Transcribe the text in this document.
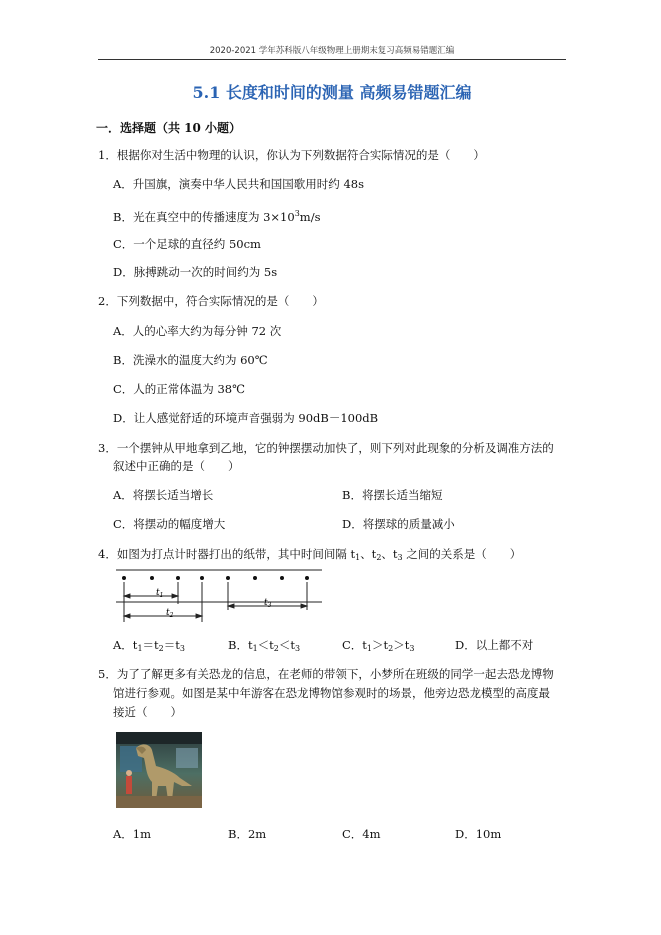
2020-2021 学年苏科版八年级物理上册期末复习高频易错题汇编
5.1 长度和时间的测量 高频易错题汇编
一．选择题（共 10 小题）
1．根据你对生活中物理的认识，你认为下列数据符合实际情况的是（　　）
A．升国旗，演奏中华人民共和国国歌用时约 48s
B．光在真空中的传播速度为 $3\times 10^3m/s$
C．一个足球的直径约 50cm
D．脉搏跳动一次的时间约为 5s
2．下列数据中，符合实际情况的是（　　）
A．人的心率大约为每分钟 72 次
B．洗澡水的温度大约为 60℃
C．人的正常体温为 38℃
D．让人感觉舒适的环境声音强弱为 90dB－100dB
3．一个摆钟从甲地拿到乙地，它的钟摆摆动加快了，则下列对此现象的分析及调准方法的
叙述中正确的是（　　）
A．将摆长适当增长	B．将摆长适当缩短
C．将摆动的幅度增大	D．将摆球的质量减小
4．如图为打点计时器打出的纸带，其中时间间隔 $t_1$、$t_2$、$t_3$ 之间的关系是（　　）
$t_1$
$t_2$
$t_3$
A．$t_1=t_2=t_3$	B．$t_1<t_2<t_3$	C．$t_1>t_2>t_3$	D．以上都不对
5．为了了解更多有关恐龙的信息，在老师的带领下，小梦所在班级的同学一起去恐龙博物
馆进行参观。如图是某中年游客在恐龙博物馆参观时的场景，他旁边恐龙模型的高度最
接近（　　）
A．1m	B．2m	C．4m	D．10m
